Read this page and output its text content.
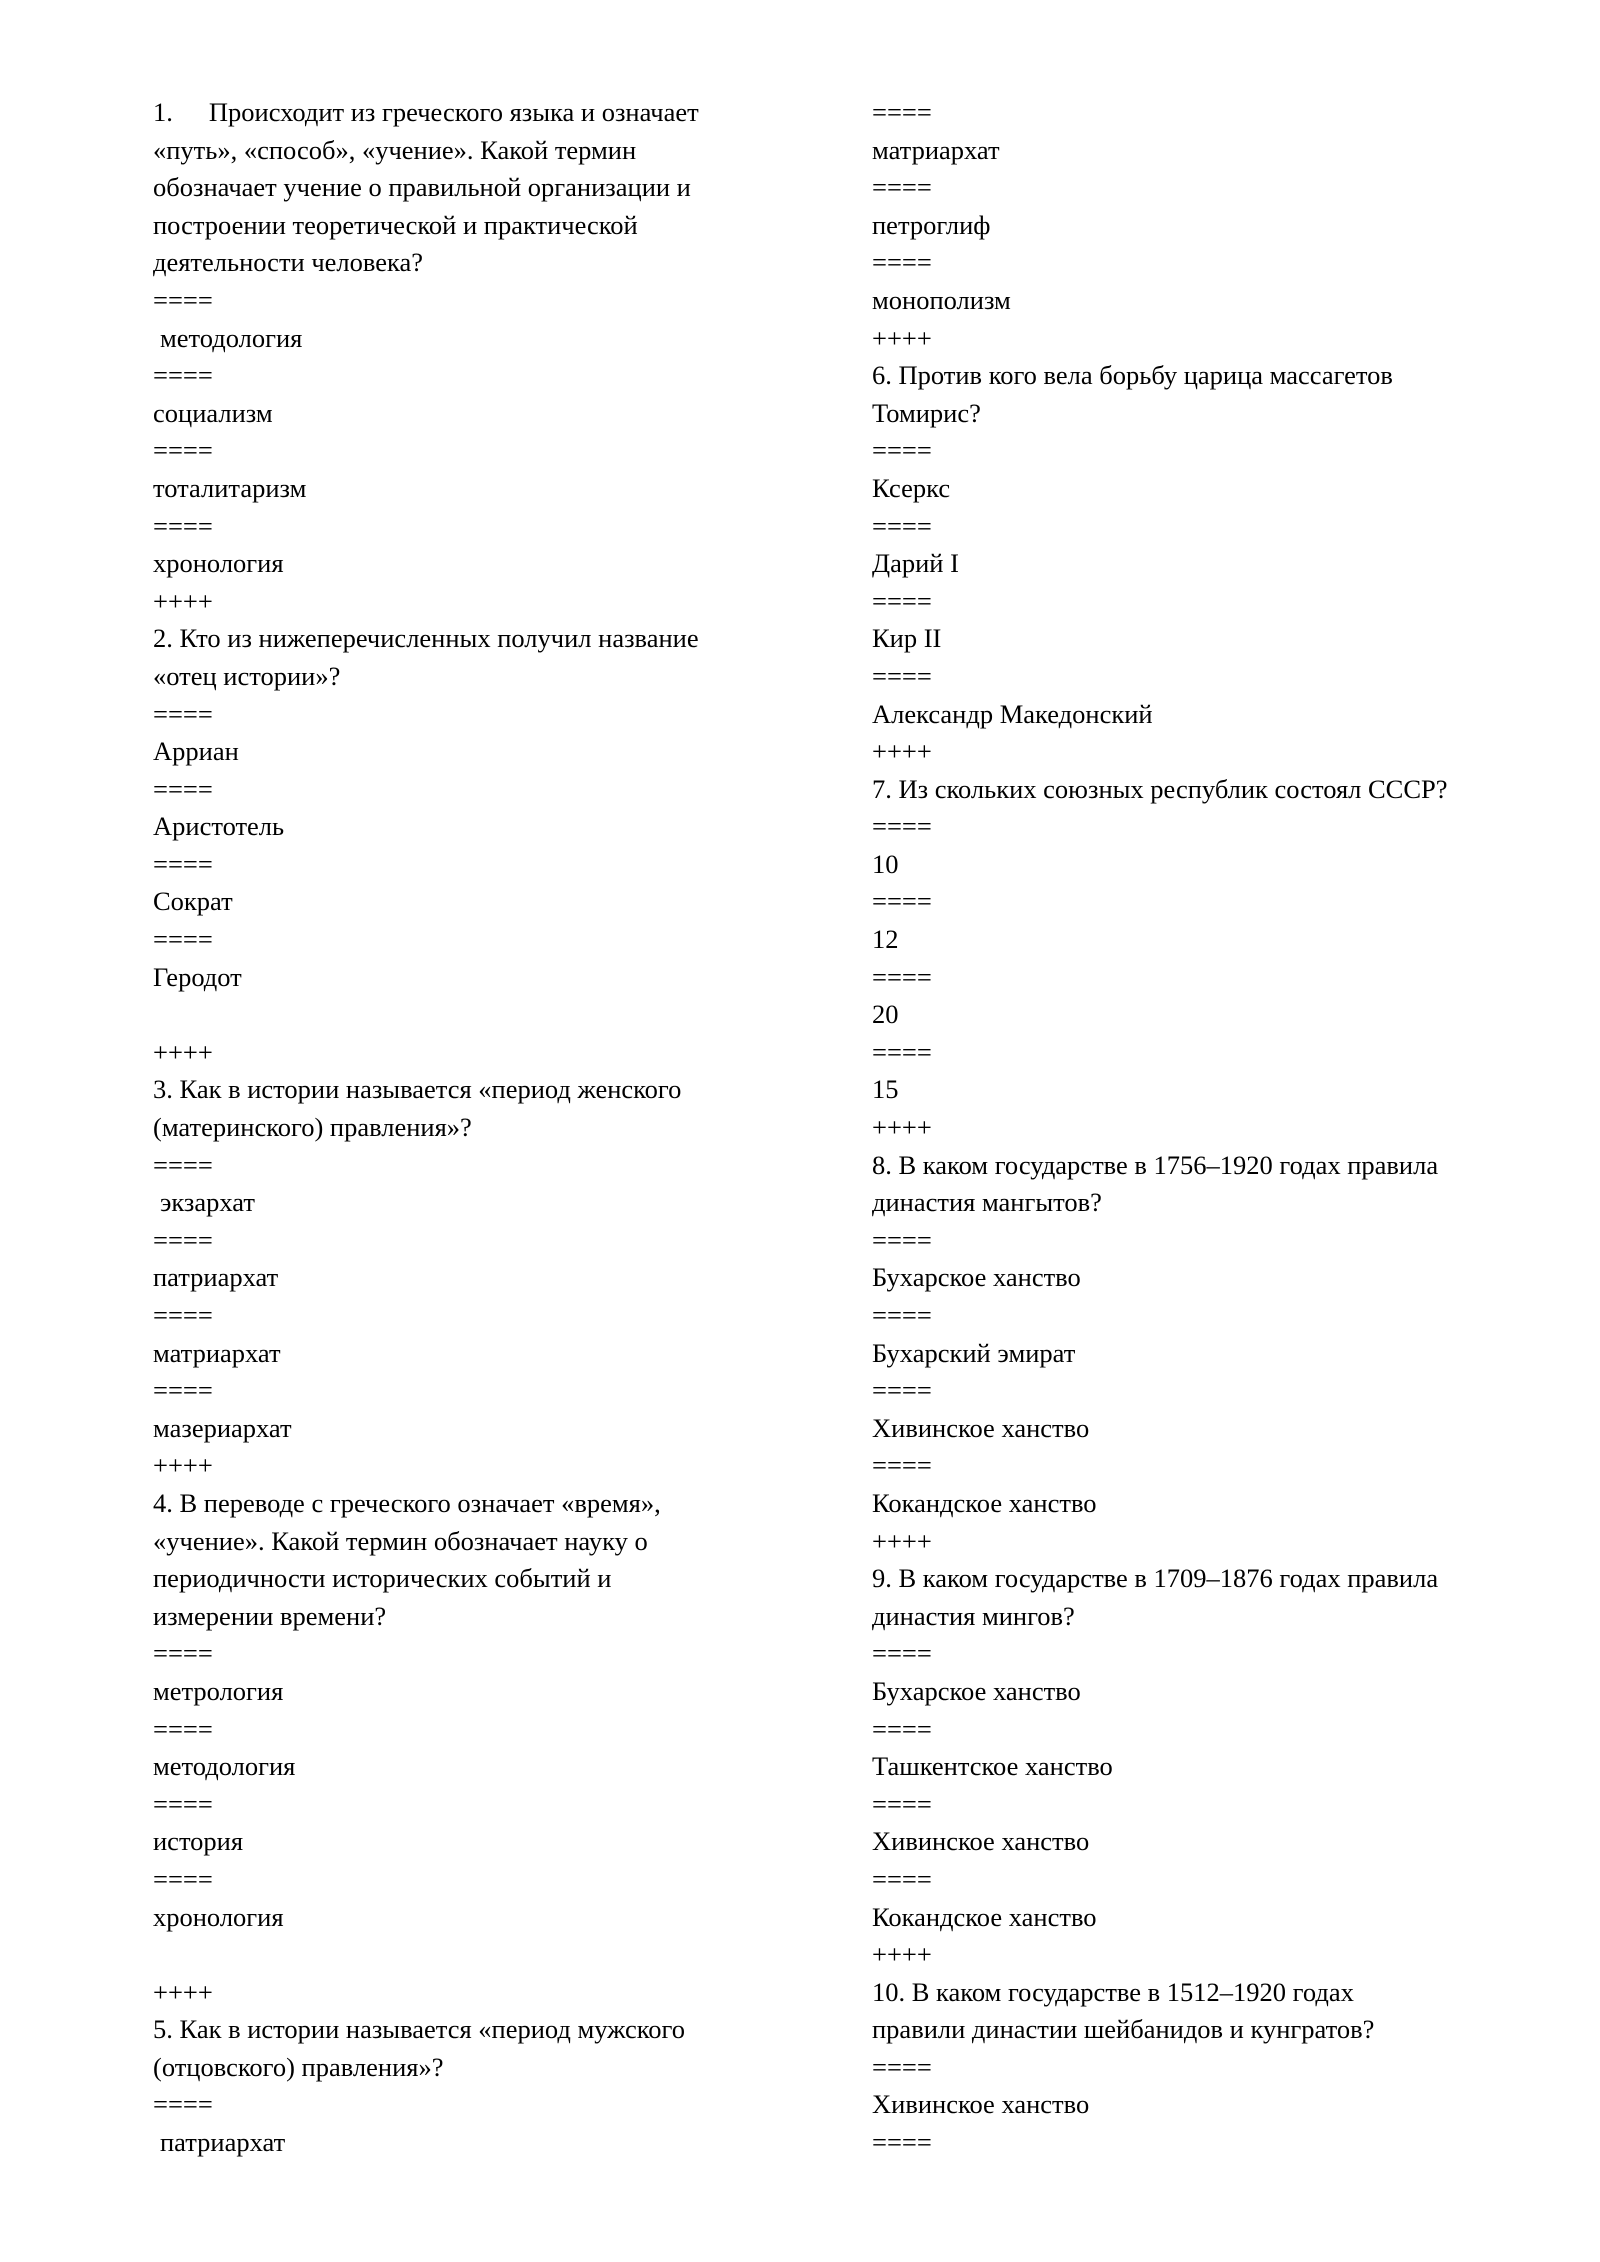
1. Происходит из греческого языка и означает
«путь», «способ», «учение». Какой термин
обозначает учение о правильной организации и
построении теоретической и практической
деятельности человека?
====
методология
====
социализм
====
тоталитаризм
====
хронология
++++
2. Кто из нижеперечисленных получил название
«отец истории»?
====
Арриан
====
Аристотель
====
Сократ
====
Геродот
++++
3. Как в истории называется «период женского
(материнского) правления»?
====
экзархат
====
патриархат
====
матриархат
====
мазериархат
++++
4. В переводе с греческого означает «время»,
«учение». Какой термин обозначает науку о
периодичности исторических событий и
измерении времени?
====
метрология
====
методология
====
история
====
хронология
++++
5. Как в истории называется «период мужского
(отцовского) правления»?
====
патриархат
====
матриархат
====
петроглиф
====
монополизм
++++
6. Против кого вела борьбу царица массагетов
Томирис?
====
Ксеркс
====
Дарий I
====
Кир II
====
Александр Македонский
++++
7. Из скольких союзных республик состоял СССР?
====
10
====
12
====
20
====
15
++++
8. В каком государстве в 1756–1920 годах правила
династия мангытов?
====
Бухарское ханство
====
Бухарский эмират
====
Хивинское ханство
====
Кокандское ханство
++++
9. В каком государстве в 1709–1876 годах правила
династия мингов?
====
Бухарское ханство
====
Ташкентское ханство
====
Хивинское ханство
====
Кокандское ханство
++++
10. В каком государстве в 1512–1920 годах
правили династии шейбанидов и кунгратов?
====
Хивинское ханство
====
